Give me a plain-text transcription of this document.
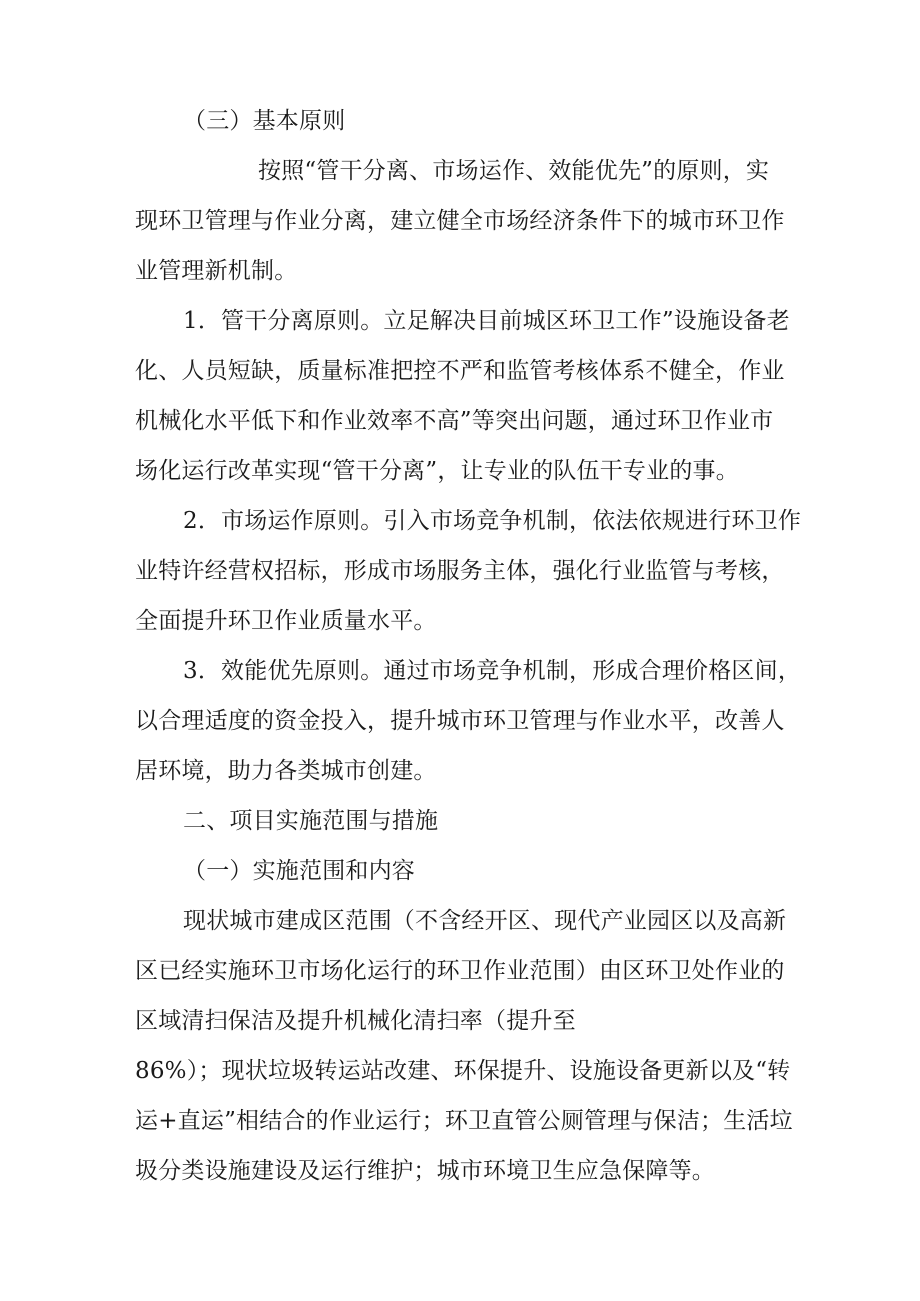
（三）基本原则
按照“管干分离、市场运作、效能优先”的原则，实
现环卫管理与作业分离，建立健全市场经济条件下的城市环卫作
业管理新机制。
1．管干分离原则。立足解决目前城区环卫工作”设施设备老
化、人员短缺，质量标准把控不严和监管考核体系不健全，作业
机械化水平低下和作业效率不高”等突出问题，通过环卫作业市
场化运行改革实现“管干分离”，让专业的队伍干专业的事。
2．市场运作原则。引入市场竞争机制，依法依规进行环卫作
业特许经营权招标，形成市场服务主体，强化行业监管与考核，
全面提升环卫作业质量水平。
3．效能优先原则。通过市场竞争机制，形成合理价格区间，
以合理适度的资金投入，提升城市环卫管理与作业水平，改善人
居环境，助力各类城市创建。
二、项目实施范围与措施
（一）实施范围和内容
现状城市建成区范围（不含经开区、现代产业园区以及高新
区已经实施环卫市场化运行的环卫作业范围）由区环卫处作业的
区域清扫保洁及提升机械化清扫率（提升至
86%）；现状垃圾转运站改建、环保提升、设施设备更新以及“转
运+直运”相结合的作业运行；环卫直管公厕管理与保洁；生活垃
圾分类设施建设及运行维护；城市环境卫生应急保障等。
